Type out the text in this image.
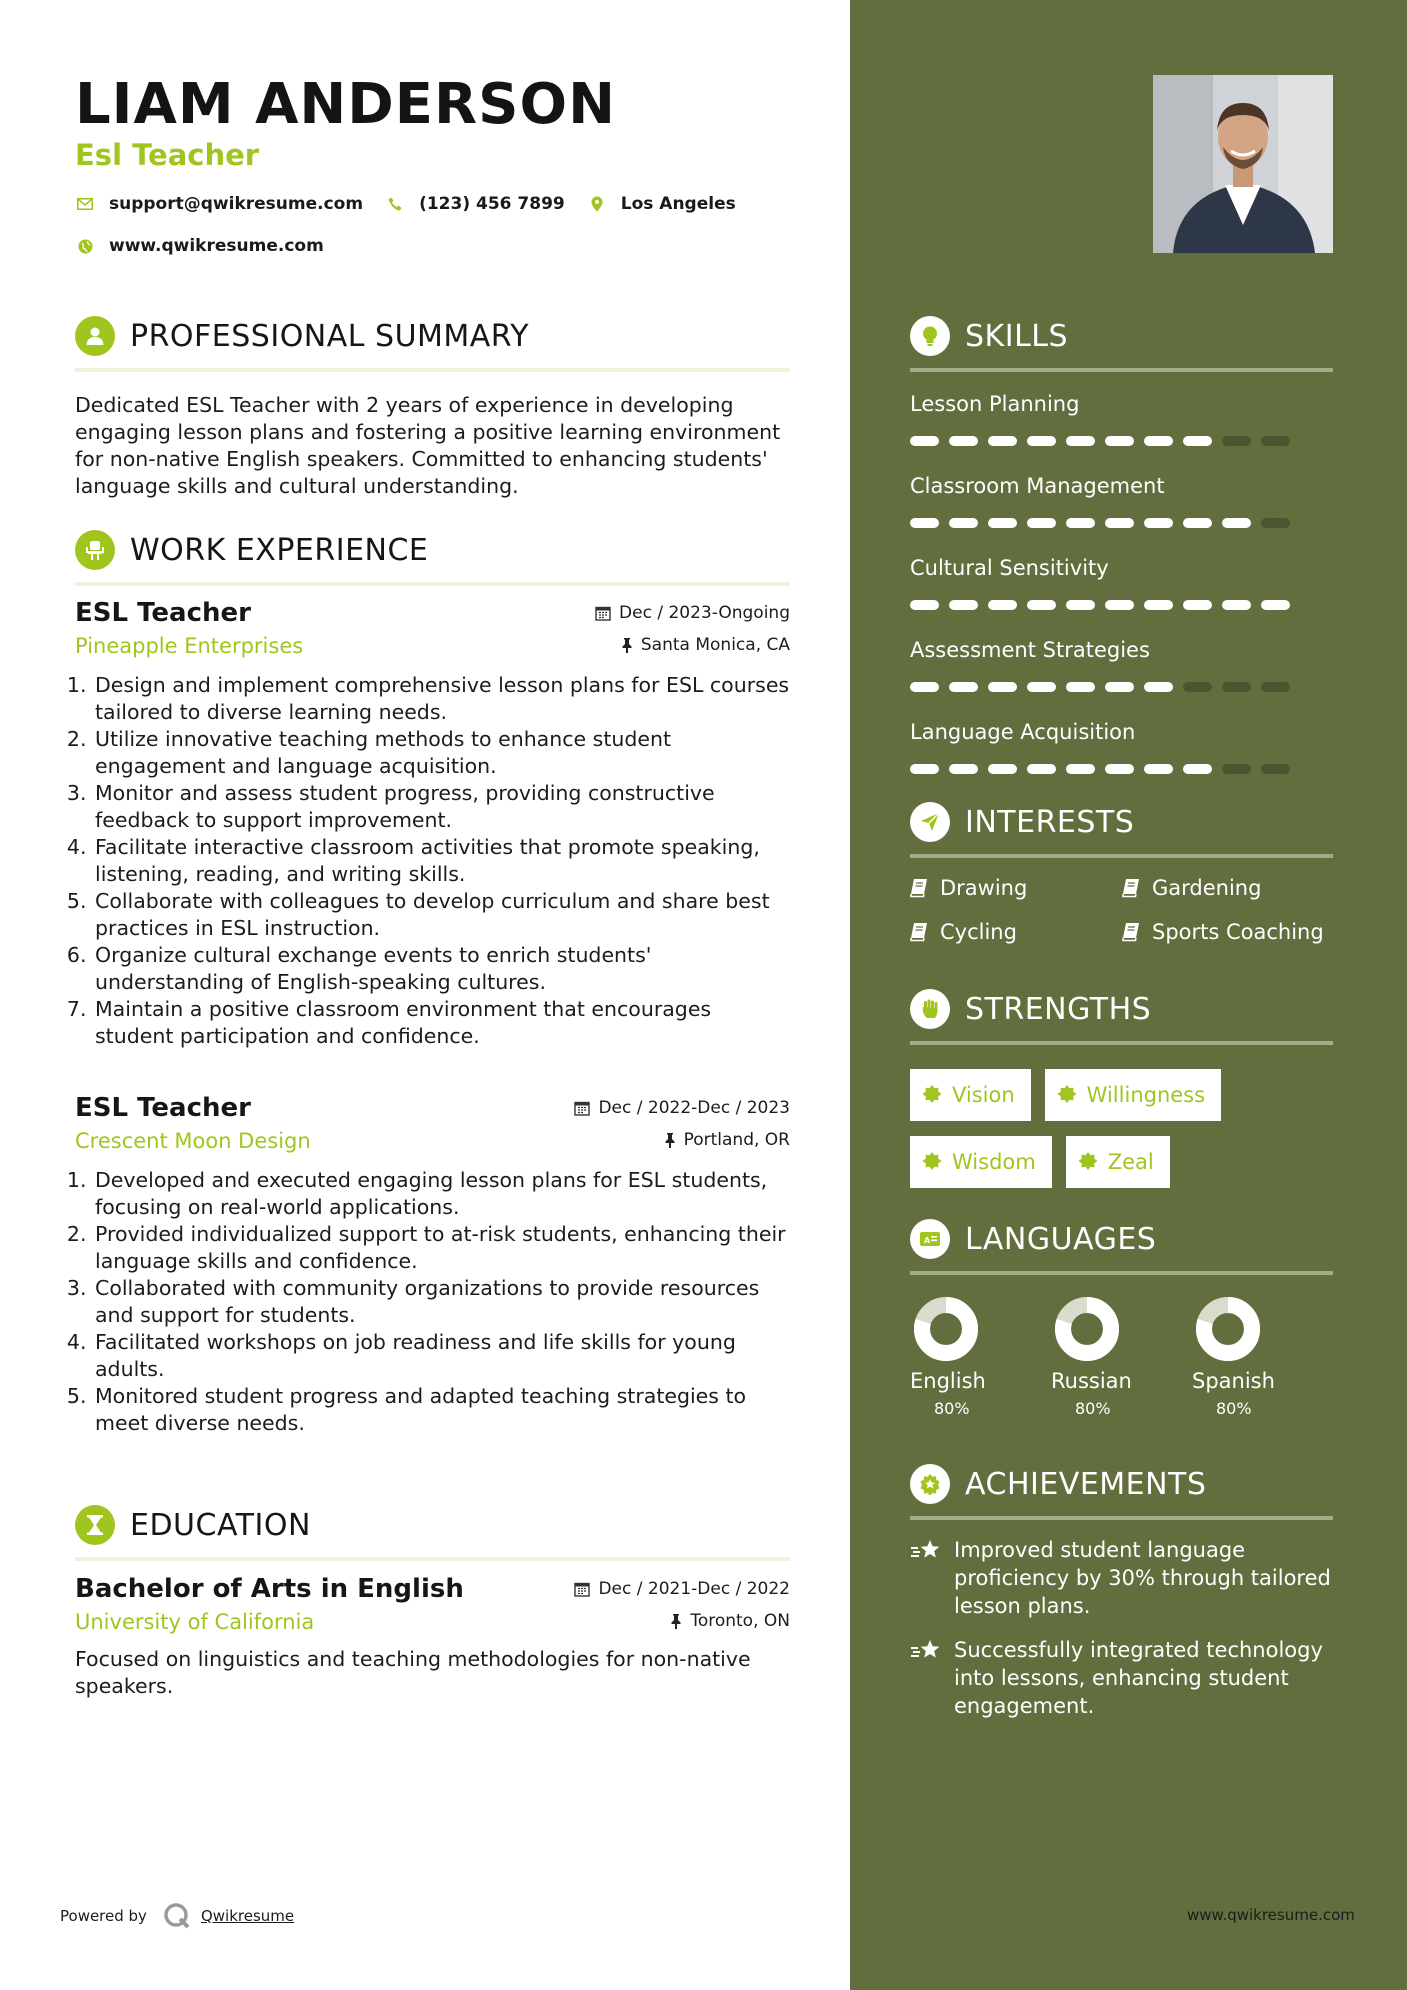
LIAM ANDERSON
Esl Teacher
support@qwikresume.com	(123) 456 7899	Los Angeles
www.qwikresume.com
PROFESSIONAL SUMMARY

Dedicated ESL Teacher with 2 years of experience in developing engaging lesson plans and fostering a positive learning environment for non-native English speakers. Committed to enhancing students' language skills and cultural understanding.

WORK EXPERIENCE
ESL Teacher	Dec / 2023-Ongoing
Pineapple Enterprises	Santa Monica, CA
1. Design and implement comprehensive lesson plans for ESL courses tailored to diverse learning needs.
2. Utilize innovative teaching methods to enhance student engagement and language acquisition.
3. Monitor and assess student progress, providing constructive feedback to support improvement.
4. Facilitate interactive classroom activities that promote speaking, listening, reading, and writing skills.
5. Collaborate with colleagues to develop curriculum and share best practices in ESL instruction.
6. Organize cultural exchange events to enrich students' understanding of English-speaking cultures.
7. Maintain a positive classroom environment that encourages student participation and confidence.
ESL Teacher	Dec / 2022-Dec / 2023
Crescent Moon Design	Portland, OR
1. Developed and executed engaging lesson plans for ESL students, focusing on real-world applications.
2. Provided individualized support to at-risk students, enhancing their language skills and confidence.
3. Collaborated with community organizations to provide resources and support for students.
4. Facilitated workshops on job readiness and life skills for young adults.
5. Monitored student progress and adapted teaching strategies to meet diverse needs.
EDUCATION
Bachelor of Arts in English	Dec / 2021-Dec / 2022
University of California	Toronto, ON

Focused on linguistics and teaching methodologies for non-native speakers.

Powered by	Qwikresume
SKILLS
Lesson Planning
Classroom Management
Cultural Sensitivity
Assessment Strategies
Language Acquisition
INTERESTS
Drawing	Gardening
Cycling	Sports Coaching
STRENGTHS
Vision	Willingness
Wisdom	Zeal
A LANGUAGES
English
80%
Russian
80%
Spanish
80%
ACHIEVEMENTS
Improved student language proficiency by 30% through tailored lesson plans.
Successfully integrated technology into lessons, enhancing student engagement.
www.qwikresume.com
